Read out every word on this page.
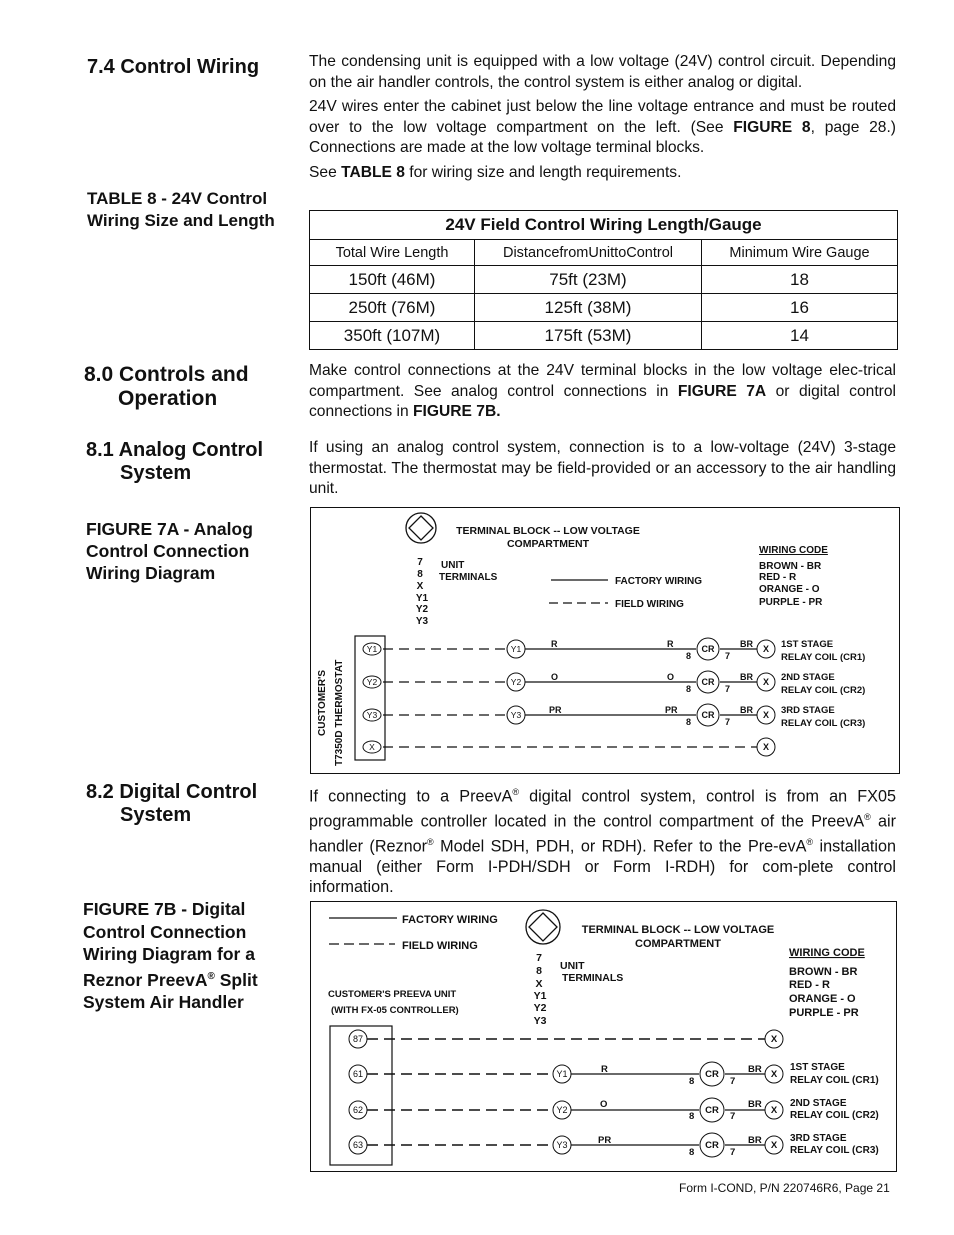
7.4 Control Wiring	The condensing unit is equipped with a low voltage (24V) control circuit. Depending on the air handler controls, the control system is either analog or digital.

24V wires enter the cabinet just below the line voltage entrance and must be routed over to the low voltage compartment on the left. (See FIGURE 8, page 28.) Connections are made at the low voltage terminal blocks.

See TABLE 8 for wiring size and length requirements.

TABLE 8 - 24V Control Wiring Size and Length	24V Field Control Wiring Length/Gauge		
Total Wire Length	DistancefromUnittoControl	Minimum Wire Gauge
150ft (46M)	75ft (23M)	18
250ft (76M)	125ft (38M)	16
350ft (107M)	175ft (53M)	14
8.0 Controls and

Operation
Make control connections at the 24V terminal blocks in the low voltage elec-trical compartment. See analog control connections in FIGURE 7A or digital control connections in FIGURE 7B.
8.1 Analog Control

System
If using an analog control system, connection is to a low-voltage (24V) 3-stage thermostat. The thermostat may be field-provided or an accessory to the air handling unit.
FIGURE 7A - Analog Control Connection Wiring Diagram
TERMINAL BLOCK -- LOW VOLTAGE
COMPARTMENT
7
8
X
Y1
Y2
Y3
UNIT
TERMINALS	FACTORY WIRING
FIELD WIRING
WIRING CODE
BROWN - BR
RED - R
ORANGE - O
PURPLE - PR
CUSTOMER'S T7350D THERMOSTAT
Y1
Y2
Y3
X
Y1
Y2
Y3
R	R
O	O
PR	PR
CR
CR
CR
8	7
8	7
8	7
BR
BR
BR
X
X
X
X
1ST STAGE
RELAY COIL (CR1)
2ND STAGE
RELAY COIL (CR2)
3RD STAGE
RELAY COIL (CR3)
8.2 Digital Control

System
If connecting to a PreevA® digital control system, control is from an FX05 programmable controller located in the control compartment of the PreevA® air handler (Reznor® Model SDH, PDH, or RDH). Refer to the Pre-evA® installation manual (either Form I-PDH/SDH or Form I-RDH) for com-plete control information.
FIGURE 7B - Digital Control Connection Wiring Diagram for a Reznor PreevA® Split System Air Handler
FACTORY WIRING
FIELD WIRING
TERMINAL BLOCK -- LOW VOLTAGE
COMPARTMENT
7
8
X
Y1
Y2
Y3
UNIT
TERMINALS
WIRING CODE
BROWN - BR
RED - R
ORANGE - O
PURPLE - PR
CUSTOMER'S PREEVA UNIT
(WITH FX-05 CONTROLLER)
87
61
62
63
Y1
Y2
Y3
R
O
PR
CR
CR
CR
8	7
8	7
8	7
BR
BR
BR
X
X
X
X
1ST STAGE
RELAY COIL (CR1)
2ND STAGE
RELAY COIL (CR2)
3RD STAGE
RELAY COIL (CR3)
Form I-COND, P/N 220746R6, Page 21
